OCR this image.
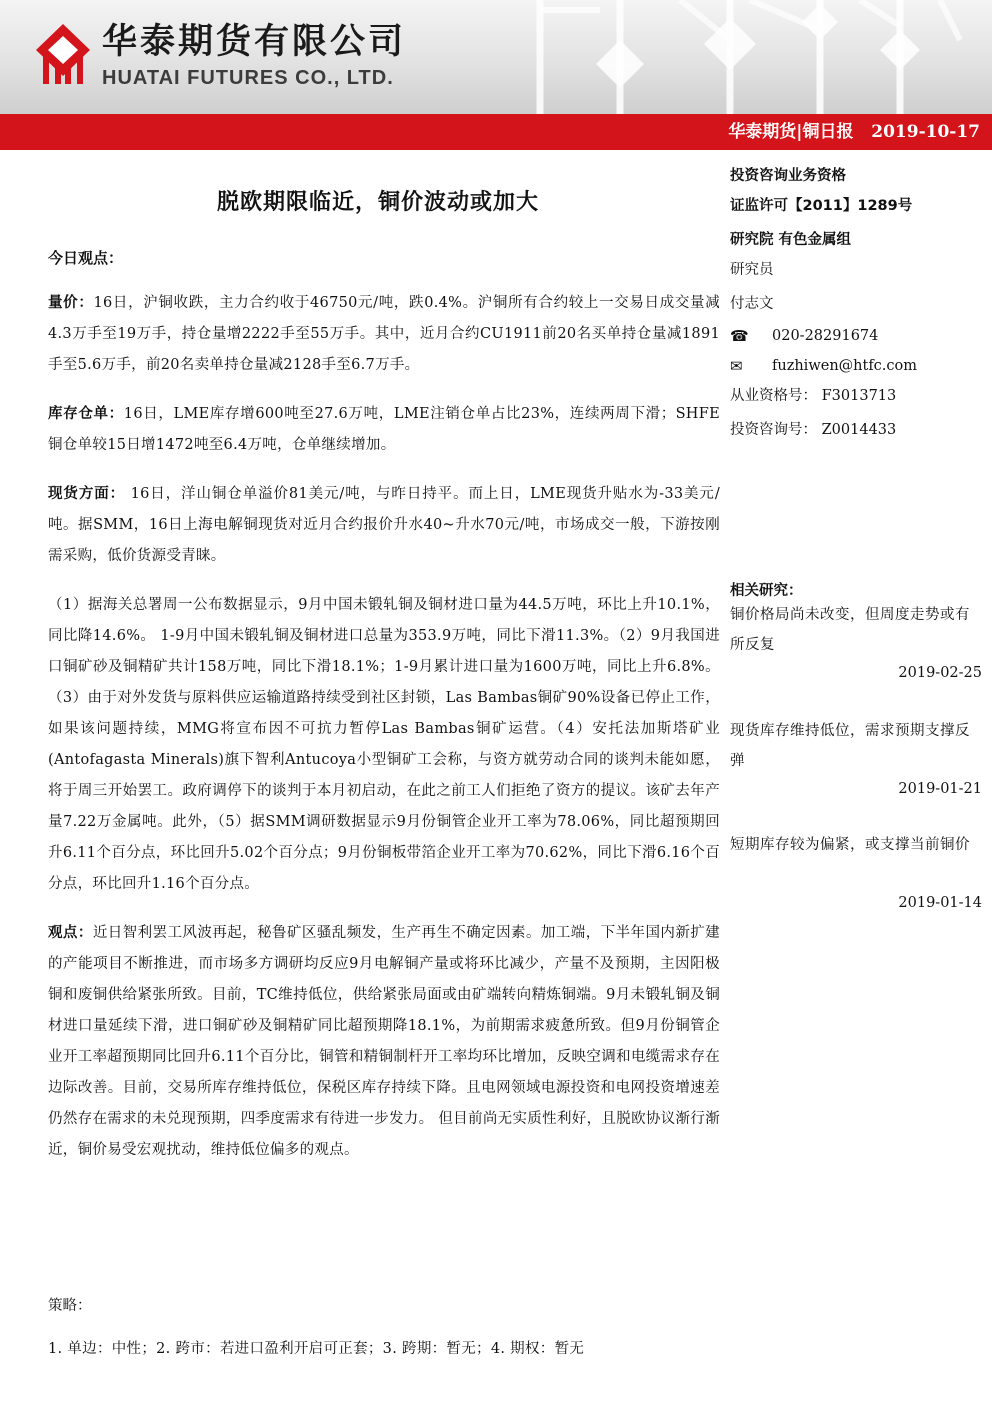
华泰期货有限公司

HUATAI FUTURES CO., LTD.

华泰期货|铜日报   2019-10-17
脱欧期限临近，铜价波动或加大

今日观点：

量价：16日，沪铜收跌，主力合约收于46750元/吨，跌0.4%。沪铜所有合约较上一交易日成交量减4.3万手至19万手，持仓量增2222手至55万手。其中，近月合约CU1911前20名买单持仓量减1891手至5.6万手，前20名卖单持仓量减2128手至6.7万手。

库存仓单：16日，LME库存增600吨至27.6万吨，LME注销仓单占比23%，连续两周下滑；SHFE铜仓单较15日增1472吨至6.4万吨，仓单继续增加。

现货方面： 16日，洋山铜仓单溢价81美元/吨，与昨日持平。而上日，LME现货升贴水为-33美元/吨。据SMM，16日上海电解铜现货对近月合约报价升水40~升水70元/吨，市场成交一般，下游按刚需采购，低价货源受青睐。

（1）据海关总署周一公布数据显示，9月中国未锻轧铜及铜材进口量为44.5万吨，环比上升10.1%，同比降14.6%。 1-9月中国未锻轧铜及铜材进口总量为353.9万吨，同比下滑11.3%。（2）9月我国进口铜矿砂及铜精矿共计158万吨，同比下滑18.1%；1-9月累计进口量为1600万吨，同比上升6.8%。（3）由于对外发货与原料供应运输道路持续受到社区封锁，Las Bambas铜矿90%设备已停止工作，如果该问题持续，MMG将宣布因不可抗力暂停Las Bambas铜矿运营。（4）安托法加斯塔矿业(Antofagasta Minerals)旗下智利Antucoya小型铜矿工会称，与资方就劳动合同的谈判未能如愿，将于周三开始罢工。政府调停下的谈判于本月初启动，在此之前工人们拒绝了资方的提议。该矿去年产量7.22万金属吨。此外，（5）据SMM调研数据显示9月份铜管企业开工率为78.06%，同比超预期回升6.11个百分点，环比回升5.02个百分点；9月份铜板带箔企业开工率为70.62%，同比下滑6.16个百分点，环比回升1.16个百分点。

观点：近日智利罢工风波再起，秘鲁矿区骚乱频发，生产再生不确定因素。加工端，下半年国内新扩建的产能项目不断推进，而市场多方调研均反应9月电解铜产量或将环比减少，产量不及预期，主因阳极铜和废铜供给紧张所致。目前，TC维持低位，供给紧张局面或由矿端转向精炼铜端。9月未锻轧铜及铜材进口量延续下滑，进口铜矿砂及铜精矿同比超预期降18.1%，为前期需求疲惫所致。但9月份铜管企业开工率超预期同比回升6.11个百分比，铜管和精铜制杆开工率均环比增加，反映空调和电缆需求存在边际改善。目前，交易所库存维持低位，保税区库存持续下降。且电网领域电源投资和电网投资增速差仍然存在需求的未兑现预期，四季度需求有待进一步发力。 但目前尚无实质性利好，且脱欧协议渐行渐近，铜价易受宏观扰动，维持低位偏多的观点。

策略：

1. 单边：中性；2. 跨市：若进口盈利开启可正套；3. 跨期：暂无；4. 期权：暂无

投资咨询业务资格

证监许可【2011】1289号

研究院 有色金属组

研究员

付志文

☎	020-28291674
✉	fuzhiwen@htfc.com

从业资格号： F3013713

投资咨询号： Z0014433

相关研究：

铜价格局尚未改变，但周度走势或有所反复

2019-02-25

现货库存维持低位，需求预期支撑反弹

2019-01-21

短期库存较为偏紧，或支撑当前铜价

2019-01-14
